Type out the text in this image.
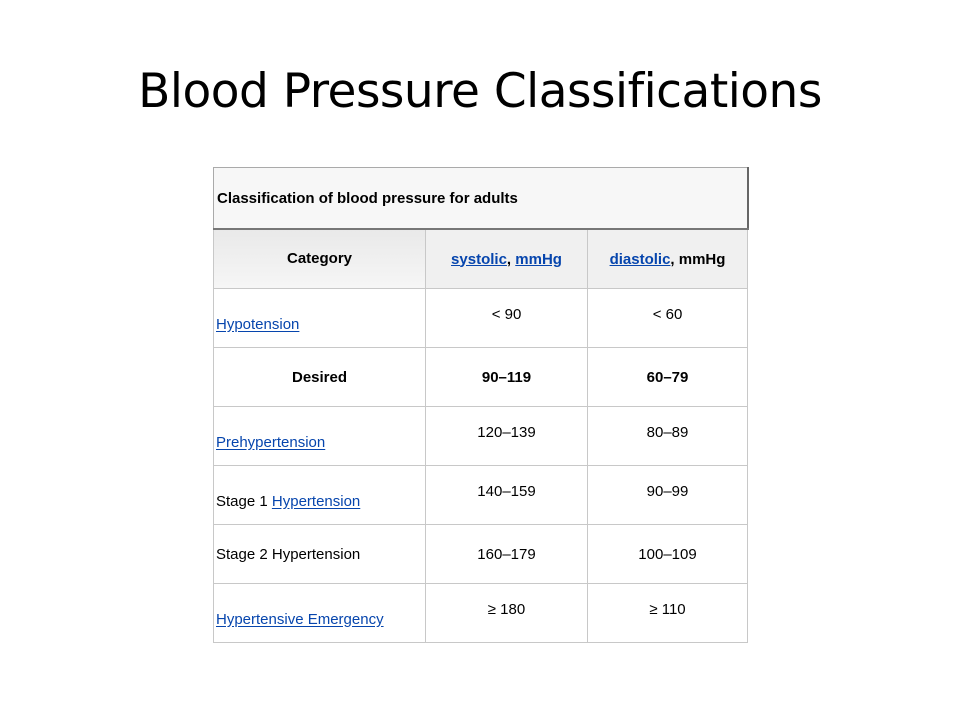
Blood Pressure Classifications
Classification of blood pressure for adults		
Category	systolic, mmHg	diastolic, mmHg
Hypotension	< 90	< 60
Desired	90–119	60–79
Prehypertension	120–139	80–89
Stage 1 Hypertension	140–159	90–99
Stage 2 Hypertension	160–179	100–109
Hypertensive Emergency	≥ 180	≥ 110
